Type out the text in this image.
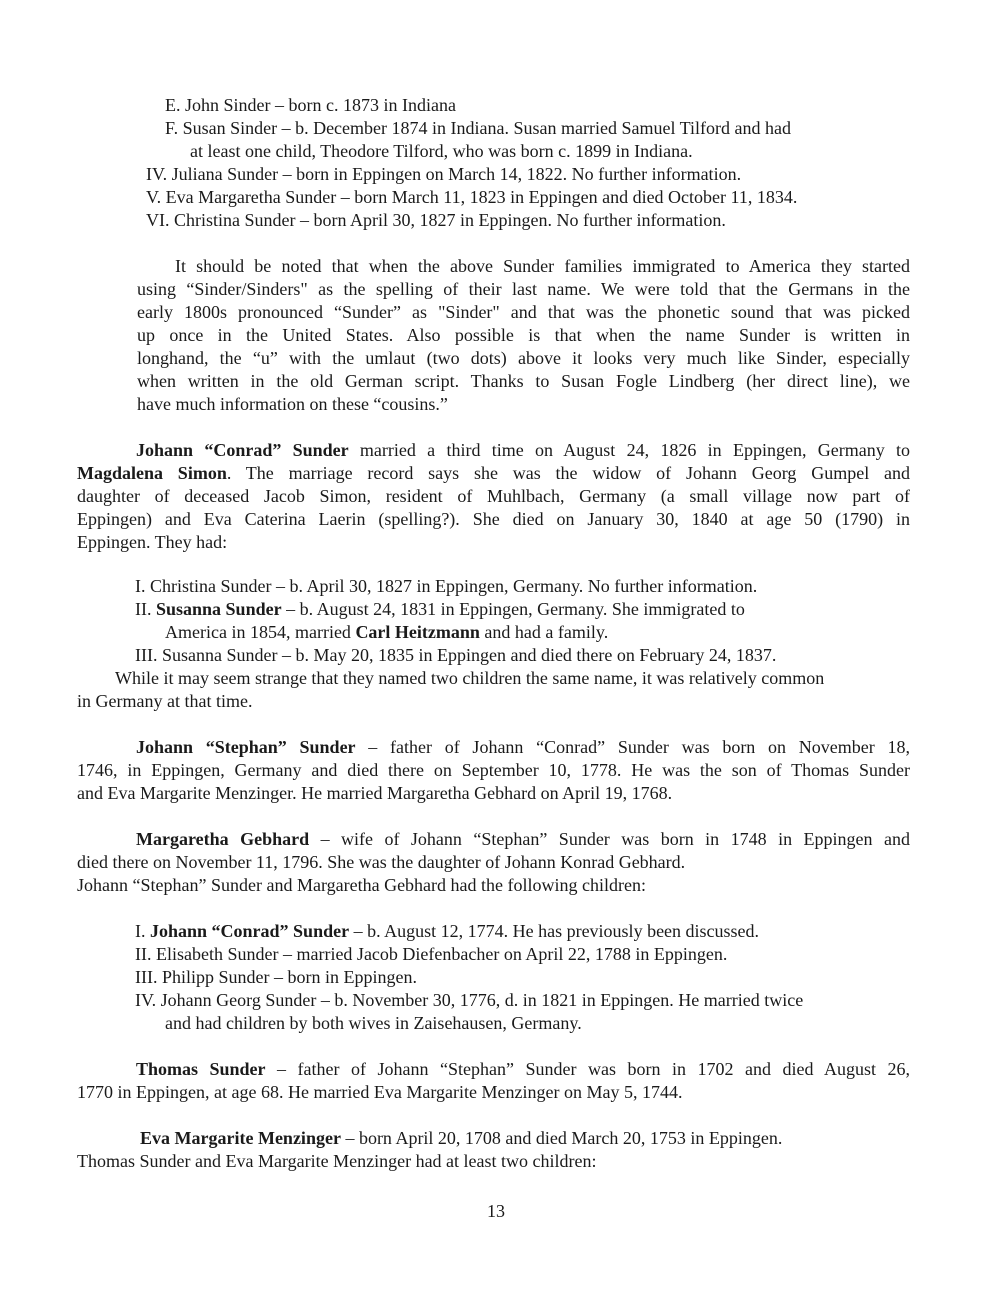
E. John Sinder – born c. 1873 in Indiana
F. Susan Sinder – b. December 1874 in Indiana. Susan married Samuel Tilford and had
at least one child, Theodore Tilford, who was born c. 1899 in Indiana.
IV. Juliana Sunder – born in Eppingen on March 14, 1822. No further information.
V. Eva Margaretha Sunder – born March 11, 1823 in Eppingen and died October 11, 1834.
VI. Christina Sunder – born April 30, 1827 in Eppingen. No further information.
It should be noted that when the above Sunder families immigrated to America they started
using “Sinder/Sinders" as the spelling of their last name. We were told that the Germans in the
early 1800s pronounced “Sunder” as "Sinder" and that was the phonetic sound that was picked
up once in the United States. Also possible is that when the name Sunder is written in
longhand, the “u” with the umlaut (two dots) above it looks very much like Sinder, especially
when written in the old German script. Thanks to Susan Fogle Lindberg (her direct line), we
have much information on these “cousins.”
Johann “Conrad” Sunder married a third time on August 24, 1826 in Eppingen, Germany to
Magdalena Simon. The marriage record says she was the widow of Johann Georg Gumpel and
daughter of deceased Jacob Simon, resident of Muhlbach, Germany (a small village now part of
Eppingen) and Eva Caterina Laerin (spelling?). She died on January 30, 1840 at age 50 (1790) in
Eppingen. They had:
I. Christina Sunder – b. April 30, 1827 in Eppingen, Germany. No further information.
II. Susanna Sunder – b. August 24, 1831 in Eppingen, Germany. She immigrated to
America in 1854, married Carl Heitzmann and had a family.
III. Susanna Sunder – b. May 20, 1835 in Eppingen and died there on February 24, 1837.
While it may seem strange that they named two children the same name, it was relatively common
in Germany at that time.
Johann “Stephan” Sunder – father of Johann “Conrad” Sunder was born on November 18,
1746, in Eppingen, Germany and died there on September 10, 1778. He was the son of Thomas Sunder
and Eva Margarite Menzinger. He married Margaretha Gebhard on April 19, 1768.
Margaretha Gebhard – wife of Johann “Stephan” Sunder was born in 1748 in Eppingen and
died there on November 11, 1796. She was the daughter of Johann Konrad Gebhard.
Johann “Stephan” Sunder and Margaretha Gebhard had the following children:
I. Johann “Conrad” Sunder – b. August 12, 1774. He has previously been discussed.
II. Elisabeth Sunder – married Jacob Diefenbacher on April 22, 1788 in Eppingen.
III. Philipp Sunder – born in Eppingen.
IV. Johann Georg Sunder – b. November 30, 1776, d. in 1821 in Eppingen. He married twice
and had children by both wives in Zaisehausen, Germany.
Thomas Sunder – father of Johann “Stephan” Sunder was born in 1702 and died August 26,
1770 in Eppingen, at age 68. He married Eva Margarite Menzinger on May 5, 1744.
Eva Margarite Menzinger – born April 20, 1708 and died March 20, 1753 in Eppingen.
Thomas Sunder and Eva Margarite Menzinger had at least two children:
13
